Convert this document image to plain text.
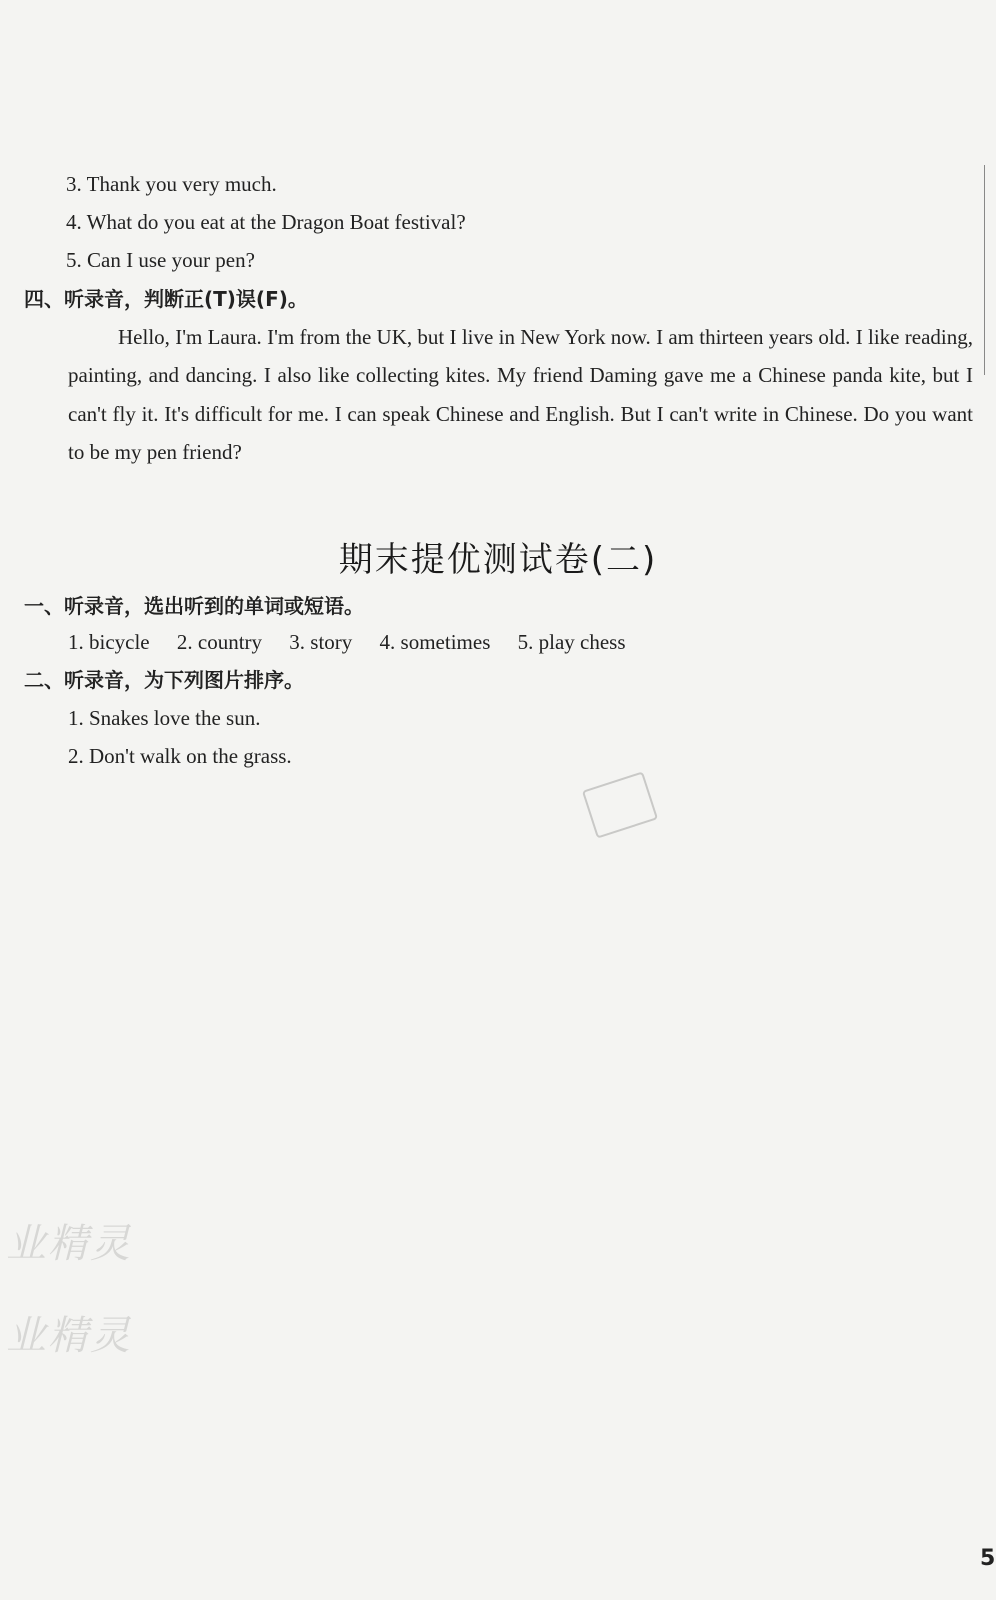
3. Thank you very much.
4. What do you eat at the Dragon Boat festival?
5. Can I use your pen?
四、听录音，判断正(T)误(F)。
Hello, I'm Laura. I'm from the UK, but I live in New York now. I am thirteen years old. I like reading, painting, and dancing. I also like collecting kites. My friend Daming gave me a Chinese panda kite, but I can't fly it. It's difficult for me. I can speak Chinese and English. But I can't write in Chinese. Do you want to be my pen friend?
期末提优测试卷(二)
一、听录音，选出听到的单词或短语。
1. bicycle 2. country 3. story 4. sometimes 5. play chess
二、听录音，为下列图片排序。
1. Snakes love the sun.
2. Don't walk on the grass.
业精灵
业精灵
5
